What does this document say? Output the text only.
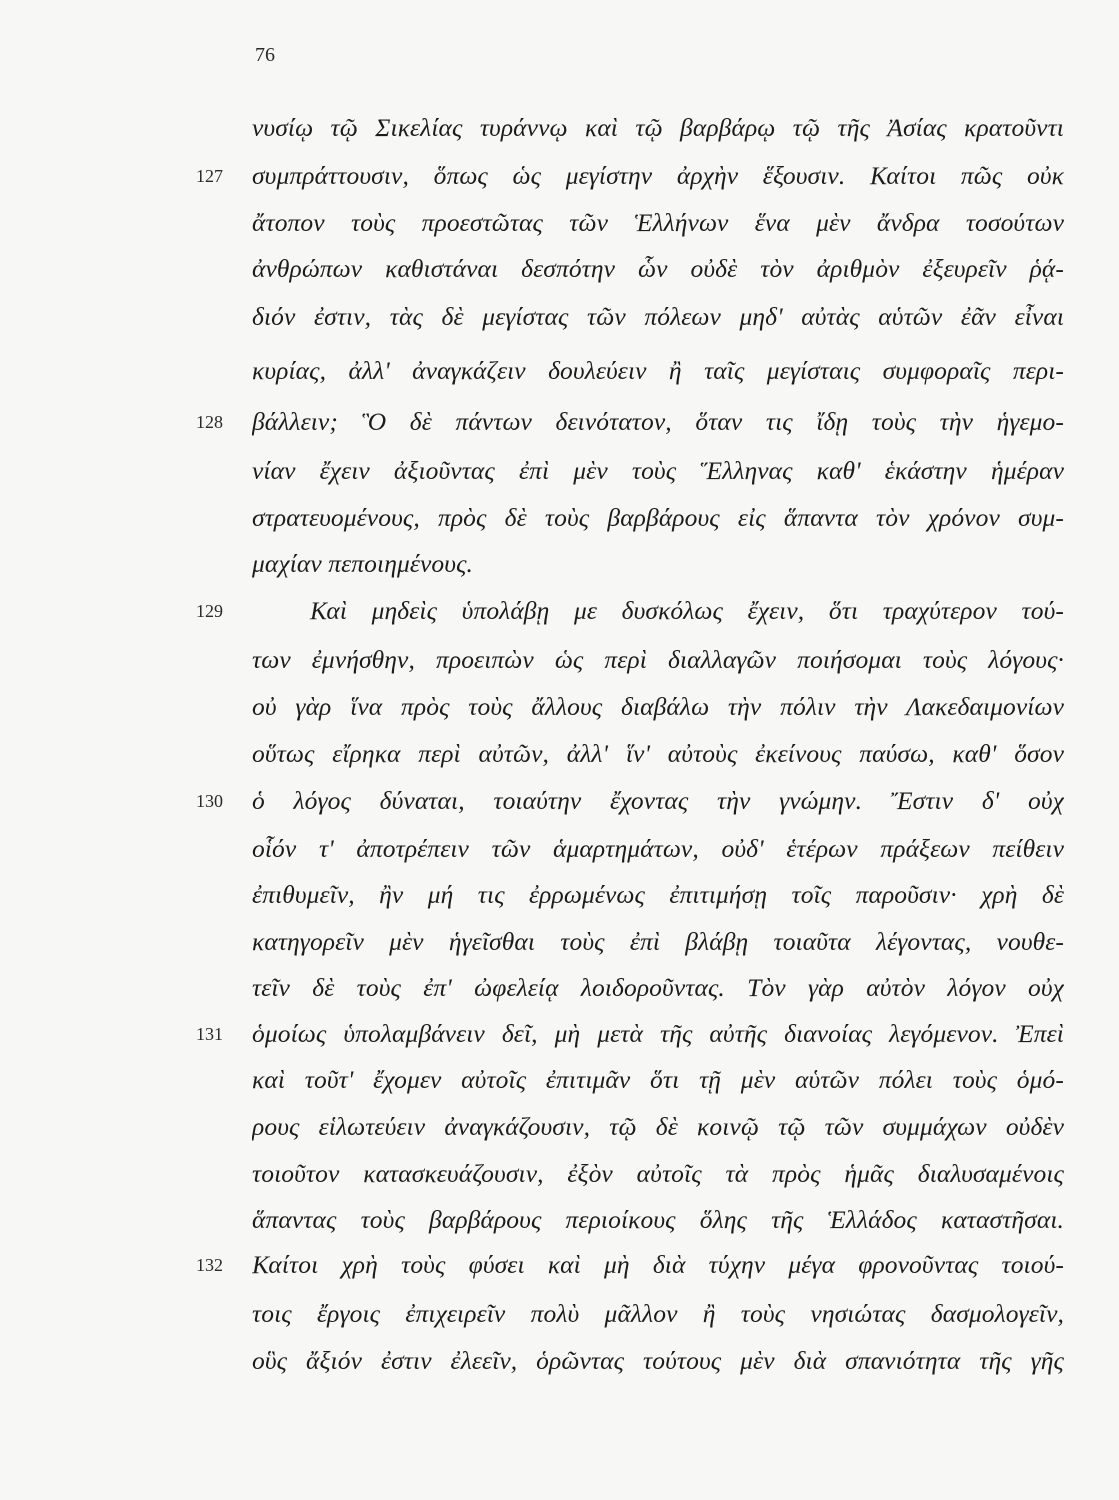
76
127
128
129
130
131
132
νυσίῳ τῷ Σικελίας τυράννῳ καὶ τῷ βαρβάρῳ τῷ τῆς Ἀσίας κρατοῦντι
συμπράττουσιν, ὅπως ὡς μεγίστην ἀρχὴν ἕξουσιν. Καίτοι πῶς οὐκ
ἄτοπον τοὺς προεστῶτας τῶν Ἑλλήνων ἕνα μὲν ἄνδρα τοσούτων
ἀνθρώπων καθιστάναι δεσπότην ὧν οὐδὲ τὸν ἀριθμὸν ἐξευρεῖν ῥᾴ-
διόν ἐστιν, τὰς δὲ μεγίστας τῶν πόλεων μηδ' αὐτὰς αὑτῶν ἐᾶν εἶναι
κυρίας, ἀλλ' ἀναγκάζειν δουλεύειν ἢ ταῖς μεγίσταις συμφοραῖς περι-
βάλλειν; Ὃ δὲ πάντων δεινότατον, ὅταν τις ἴδῃ τοὺς τὴν ἡγεμο-
νίαν ἔχειν ἀξιοῦντας ἐπὶ μὲν τοὺς Ἕλληνας καθ' ἑκάστην ἡμέραν
στρατευομένους, πρὸς δὲ τοὺς βαρβάρους εἰς ἅπαντα τὸν χρόνον συμ-
μαχίαν πεποιημένους.
Καὶ μηδεὶς ὑπολάβῃ με δυσκόλως ἔχειν, ὅτι τραχύτερον τού-
των ἐμνήσθην, προειπὼν ὡς περὶ διαλλαγῶν ποιήσομαι τοὺς λόγους·
οὐ γὰρ ἵνα πρὸς τοὺς ἄλλους διαβάλω τὴν πόλιν τὴν Λακεδαιμονίων
οὕτως εἴρηκα περὶ αὐτῶν, ἀλλ' ἵν' αὐτοὺς ἐκείνους παύσω, καθ' ὅσον
ὁ λόγος δύναται, τοιαύτην ἔχοντας τὴν γνώμην. Ἔστιν δ' οὐχ
οἷόν τ' ἀποτρέπειν τῶν ἁμαρτημάτων, οὐδ' ἑτέρων πράξεων πείθειν
ἐπιθυμεῖν, ἢν μή τις ἐρρωμένως ἐπιτιμήσῃ τοῖς παροῦσιν· χρὴ δὲ
κατηγορεῖν μὲν ἡγεῖσθαι τοὺς ἐπὶ βλάβῃ τοιαῦτα λέγοντας, νουθε-
τεῖν δὲ τοὺς ἐπ' ὠφελείᾳ λοιδοροῦντας. Τὸν γὰρ αὐτὸν λόγον οὐχ
ὁμοίως ὑπολαμβάνειν δεῖ, μὴ μετὰ τῆς αὐτῆς διανοίας λεγόμενον. Ἐπεὶ
καὶ τοῦτ' ἔχομεν αὐτοῖς ἐπιτιμᾶν ὅτι τῇ μὲν αὑτῶν πόλει τοὺς ὁμό-
ρους εἱλωτεύειν ἀναγκάζουσιν, τῷ δὲ κοινῷ τῷ τῶν συμμάχων οὐδὲν
τοιοῦτον κατασκευάζουσιν, ἐξὸν αὐτοῖς τὰ πρὸς ἡμᾶς διαλυσαμένοις
ἅπαντας τοὺς βαρβάρους περιοίκους ὅλης τῆς Ἑλλάδος καταστῆσαι.
Καίτοι χρὴ τοὺς φύσει καὶ μὴ διὰ τύχην μέγα φρονοῦντας τοιού-
τοις ἔργοις ἐπιχειρεῖν πολὺ μᾶλλον ἢ τοὺς νησιώτας δασμολογεῖν,
οὓς ἄξιόν ἐστιν ἐλεεῖν, ὁρῶντας τούτους μὲν διὰ σπανιότητα τῆς γῆς
